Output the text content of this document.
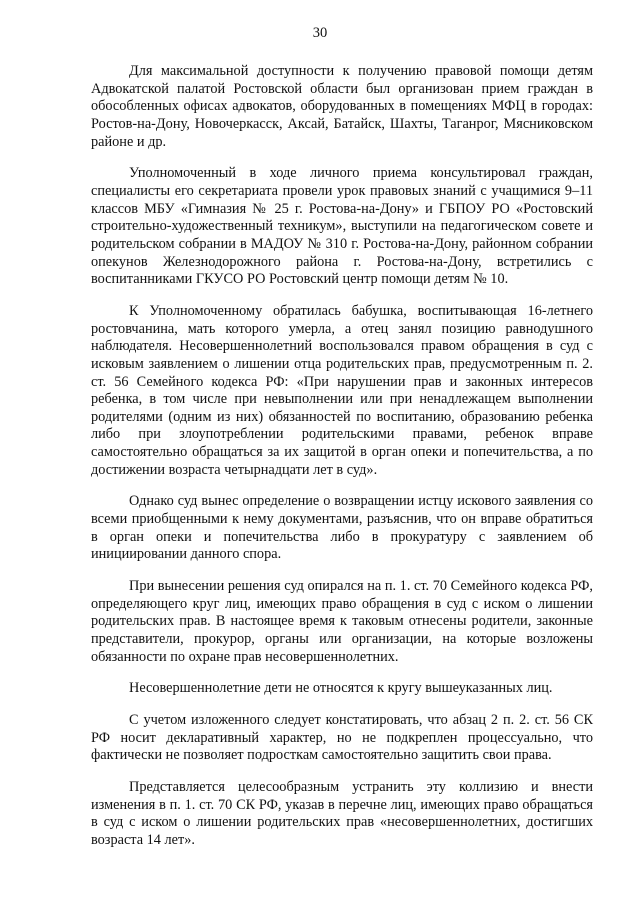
30

Для максимальной доступности к получению правовой помощи детям Адвокатской палатой Ростовской области был организован прием граждан в обособленных офисах адвокатов, оборудованных в помещениях МФЦ в городах: Ростов-на-Дону, Новочеркасск, Аксай, Батайск, Шахты, Таганрог, Мясниковском районе и др.

Уполномоченный в ходе личного приема консультировал граждан, специалисты его секретариата провели урок правовых знаний с учащимися 9–11 классов МБУ «Гимназия № 25 г. Ростова-на-Дону» и ГБПОУ РО «Ростовский строительно-художественный техникум», выступили на педагогическом совете и родительском собрании в МАДОУ № 310 г. Ростова-на-Дону, районном собрании опекунов Железнодорожного района г. Ростова-на-Дону, встретились с воспитанниками ГКУСО РО Ростовский центр помощи детям № 10.

К Уполномоченному обратилась бабушка, воспитывающая 16-летнего ростовчанина, мать которого умерла, а отец занял позицию равнодушного наблюдателя. Несовершеннолетний воспользовался правом обращения в суд с исковым заявлением о лишении отца родительских прав, предусмотренным п. 2. ст. 56 Семейного кодекса РФ: «При нарушении прав и законных интересов ребенка, в том числе при невыполнении или при ненадлежащем выполнении родителями (одним из них) обязанностей по воспитанию, образованию ребенка либо при злоупотреблении родительскими правами, ребенок вправе самостоятельно обращаться за их защитой в орган опеки и попечительства, а по достижении возраста четырнадцати лет в суд».

Однако суд вынес определение о возвращении истцу искового заявления со всеми приобщенными к нему документами, разъяснив, что он вправе обратиться в орган опеки и попечительства либо в прокуратуру с заявлением об инициировании данного спора.

При вынесении решения суд опирался на п. 1. ст. 70 Семейного кодекса РФ, определяющего круг лиц, имеющих право обращения в суд с иском о лишении родительских прав. В настоящее время к таковым отнесены родители, законные представители, прокурор, органы или организации, на которые возложены обязанности по охране прав несовершеннолетних.

Несовершеннолетние дети не относятся к кругу вышеуказанных лиц.

С учетом изложенного следует констатировать, что абзац 2 п. 2. ст. 56 СК РФ носит декларативный характер, но не подкреплен процессуально, что фактически не позволяет подросткам самостоятельно защитить свои права.

Представляется целесообразным устранить эту коллизию и внести изменения в п. 1. ст. 70 СК РФ, указав в перечне лиц, имеющих право обращаться в суд с иском о лишении родительских прав «несовершеннолетних, достигших возраста 14 лет».
